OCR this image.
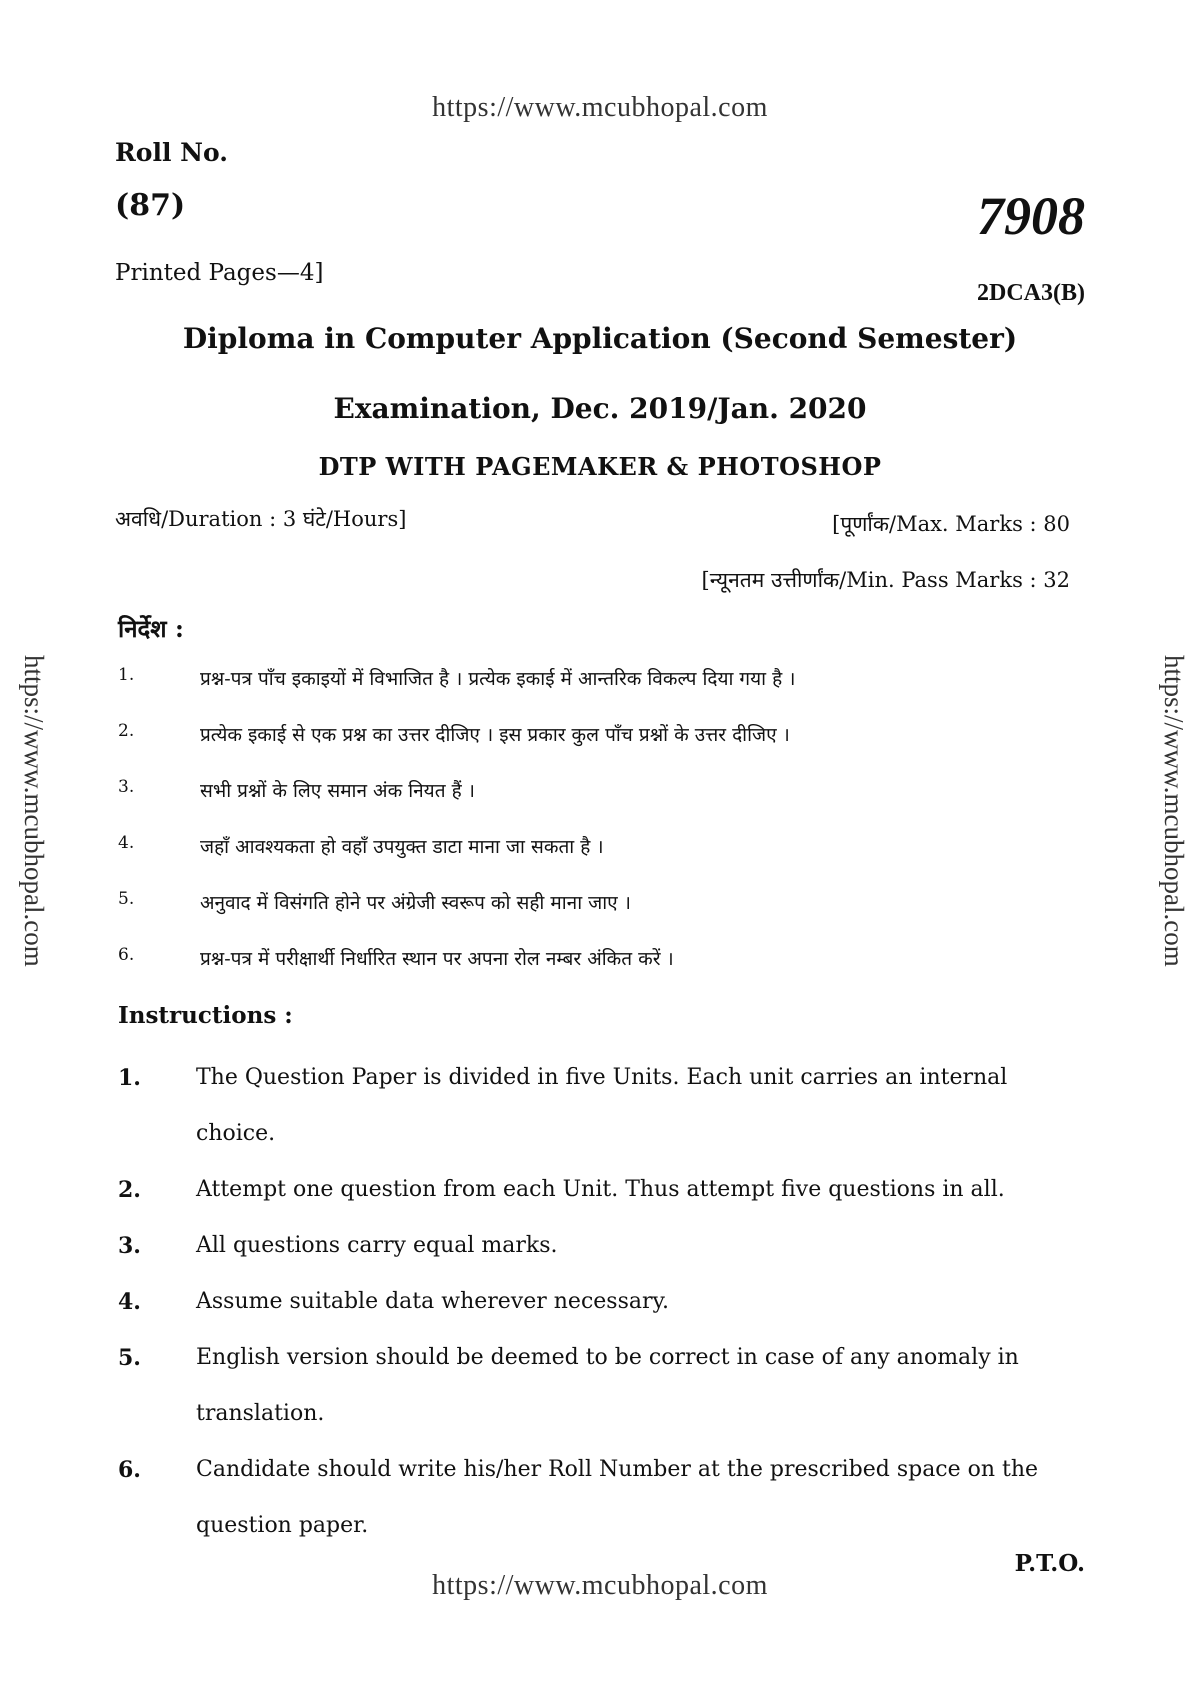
https://www.mcubhopal.com
https://www.mcubhopal.com	https://www.mcubhopal.com
Roll No.
(87)	7908
Printed Pages—4]
2DCA3(B)
Diploma in Computer Application (Second Semester)
Examination, Dec. 2019/Jan. 2020
DTP WITH PAGEMAKER & PHOTOSHOP
अवधि/Duration : 3 घंटे/Hours]	[पूर्णांक/Max. Marks : 80
[न्यूनतम उत्तीर्णांक/Min. Pass Marks : 32
निर्देश :
1.	प्रश्न-पत्र पाँच इकाइयों में विभाजित है । प्रत्येक इकाई में आन्तरिक विकल्प दिया गया है ।
2.	प्रत्येक इकाई से एक प्रश्न का उत्तर दीजिए । इस प्रकार कुल पाँच प्रश्नों के उत्तर दीजिए ।
3.	सभी प्रश्नों के लिए समान अंक नियत हैं ।
4.	जहाँ आवश्यकता हो वहाँ उपयुक्त डाटा माना जा सकता है ।
5.	अनुवाद में विसंगति होने पर अंग्रेजी स्वरूप को सही माना जाए ।
6.	प्रश्न-पत्र में परीक्षार्थी निर्धारित स्थान पर अपना रोल नम्बर अंकित करें ।
Instructions :
1.	The Question Paper is divided in five Units. Each unit carries an internal choice.
2.	Attempt one question from each Unit. Thus attempt five questions in all.
3.	All questions carry equal marks.
4.	Assume suitable data wherever necessary.
5.	English version should be deemed to be correct in case of any anomaly in translation.
6.	Candidate should write his/her Roll Number at the prescribed space on the question paper.
P.T.O.
https://www.mcubhopal.com
